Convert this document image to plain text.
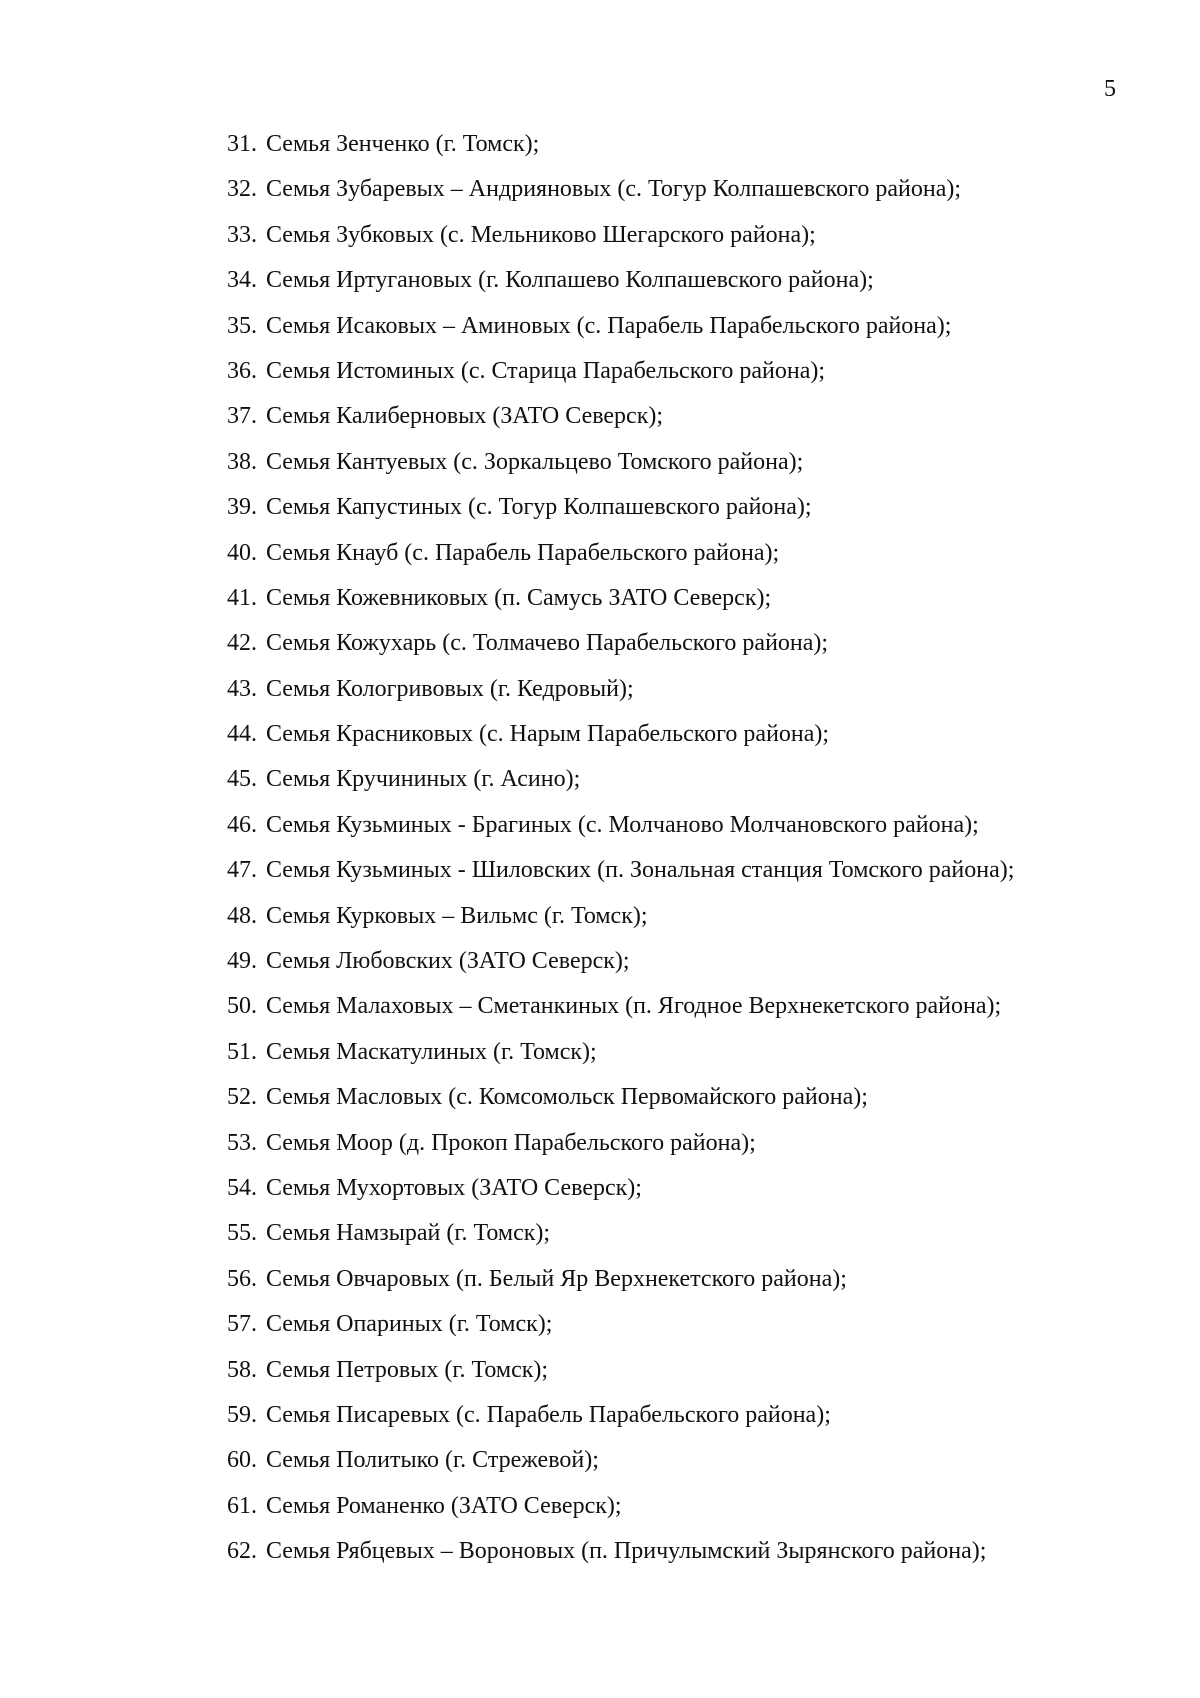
5
31. Семья Зенченко (г. Томск);
32. Семья Зубаревых – Андрияновых (с. Тогур Колпашевского района);
33. Семья Зубковых (с. Мельниково Шегарского района);
34. Семья Иртугановых (г. Колпашево Колпашевского района);
35. Семья Исаковых – Аминовых (с. Парабель Парабельского района);
36. Семья Истоминых (с. Старица Парабельского района);
37. Семья Калиберновых (ЗАТО Северск);
38. Семья Кантуевых (с. Зоркальцево Томского района);
39. Семья Капустиных (с. Тогур Колпашевского района);
40. Семья Кнауб (с. Парабель Парабельского района);
41. Семья Кожевниковых (п. Самусь ЗАТО Северск);
42. Семья Кожухарь (с. Толмачево Парабельского района);
43. Семья Кологривовых (г. Кедровый);
44. Семья Красниковых (с. Нарым Парабельского района);
45. Семья Кручининых (г. Асино);
46. Семья Кузьминых - Брагиных (с. Молчаново Молчановского района);
47. Семья Кузьминых - Шиловских (п. Зональная станция Томского района);
48. Семья Курковых – Вильмс (г. Томск);
49. Семья Любовских (ЗАТО Северск);
50. Семья Малаховых – Сметанкиных (п. Ягодное Верхнекетского района);
51. Семья Маскатулиных (г. Томск);
52. Семья Масловых (с. Комсомольск Первомайского района);
53. Семья Моор (д. Прокоп Парабельского района);
54. Семья Мухортовых (ЗАТО Северск);
55. Семья Намзырай (г. Томск);
56. Семья Овчаровых (п. Белый Яр Верхнекетского района);
57. Семья Опариных (г. Томск);
58. Семья Петровых (г. Томск);
59. Семья Писаревых (с. Парабель Парабельского района);
60. Семья Политыко (г. Стрежевой);
61. Семья Романенко (ЗАТО Северск);
62. Семья Рябцевых – Вороновых (п. Причулымский Зырянского района);
